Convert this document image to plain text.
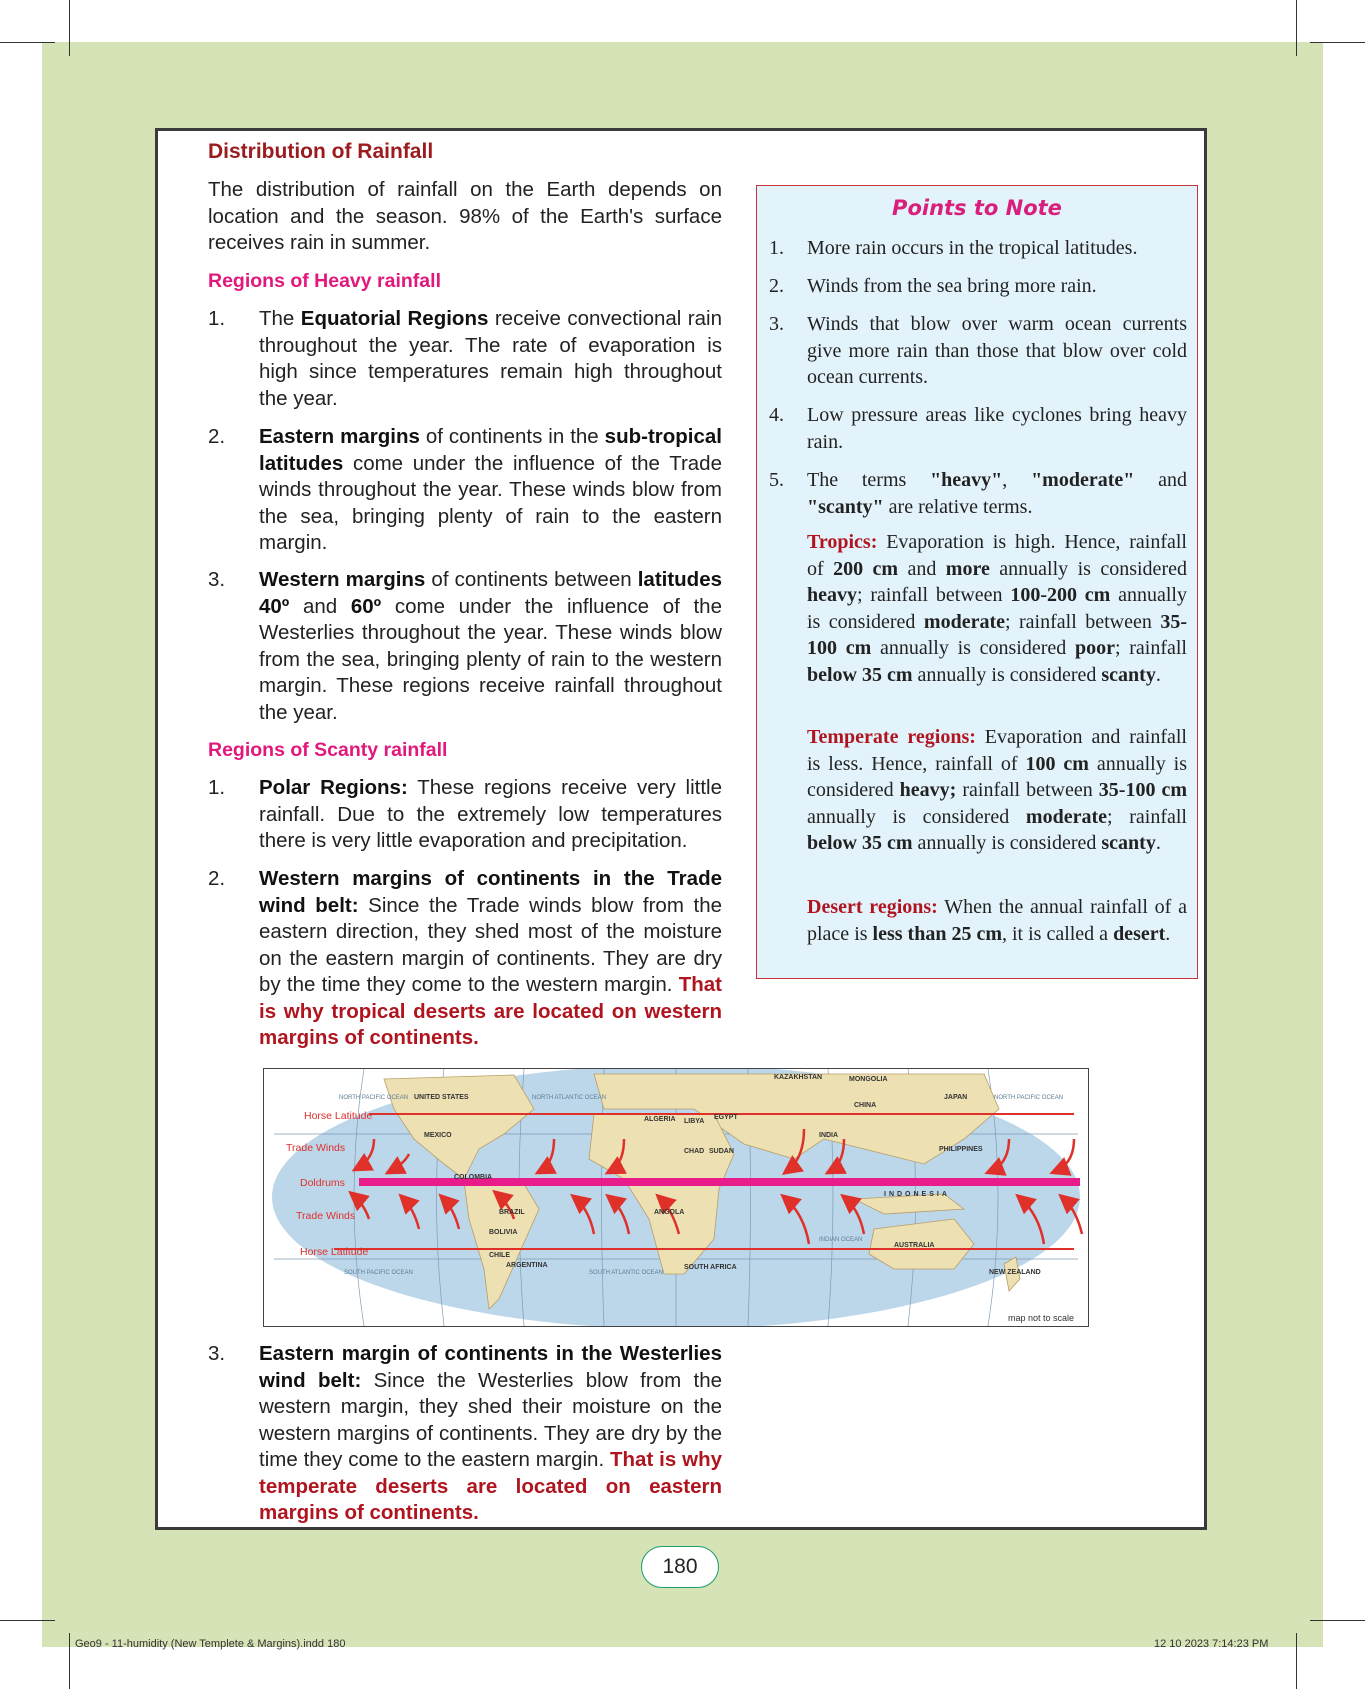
Distribution of Rainfall
The distribution of rainfall on the Earth depends on location and the season. 98% of the Earth's surface receives rain in summer.
Regions of Heavy rainfall
1.	The Equatorial Regions receive convectional rain throughout the year. The rate of evaporation is high since temperatures remain high throughout the year.
2.	Eastern margins of continents in the sub-tropical latitudes come under the influence of the Trade winds throughout the year. These winds blow from the sea, bringing plenty of rain to the eastern margin.
3.	Western margins of continents between latitudes 40º and 60º come under the influence of the Westerlies throughout the year. These winds blow from the sea, bringing plenty of rain to the western margin. These regions receive rainfall throughout the year.
Regions of Scanty rainfall
1.	Polar Regions: These regions receive very little rainfall. Due to the extremely low temperatures there is very little evaporation and precipitation.
2.	Western margins of continents in the Trade wind belt: Since the Trade winds blow from the eastern direction, they shed most of the moisture on the eastern margin of continents. They are dry by the time they come to the western margin. That is why tropical deserts are located on western margins of continents.
3.	Eastern margin of continents in the Westerlies wind belt: Since the Westerlies blow from the western margin, they shed their moisture on the western margins of continents. They are dry by the time they come to the eastern margin. That is why temperate deserts are located on eastern margins of continents.
Points to Note
1. More rain occurs in the tropical latitudes.
2. Winds from the sea bring more rain.
3. Winds that blow over warm ocean currents give more rain than those that blow over cold ocean currents.
4. Low pressure areas like cyclones bring heavy rain.
5. The terms "heavy", "moderate" and "scanty" are relative terms.
Tropics: Evaporation is high. Hence, rainfall of 200 cm and more annually is considered heavy; rainfall between 100-200 cm annually is considered moderate; rainfall between 35-100 cm annually is considered poor; rainfall below 35 cm annually is considered scanty.
Temperate regions: Evaporation and rainfall is less. Hence, rainfall of 100 cm annually is considered heavy; rainfall between 35-100 cm annually is considered moderate; rainfall below 35 cm annually is considered scanty.
Desert regions: When the annual rainfall of a place is less than 25 cm, it is called a desert.
Horse Latitude
Trade Winds
Doldrums
Trade Winds
Horse Latitude
UNITED STATES
MEXICO
COLOMBIA
BRAZIL
BOLIVIA
CHILE
ARGENTINA
ALGERIA LIBYA
EGYPT
CHAD SUDAN
ANGOLA
SOUTH AFRICA
KAZAKHSTAN	MONGOLIA
CHINA
INDIA
INDONESIA
AUSTRALIA
NEW ZEALAND
JAPAN
PHILIPPINES
NORTH PACIFIC OCEAN	NORTH ATLANTIC OCEAN
SOUTH PACIFIC OCEAN	SOUTH ATLANTIC OCEAN
INDIAN OCEAN
NORTH PACIFIC OCEAN
map not to scale
180
Geo9 - 11-humidity (New Templete & Margins).indd 180	12 10 2023 7:14:23 PM
